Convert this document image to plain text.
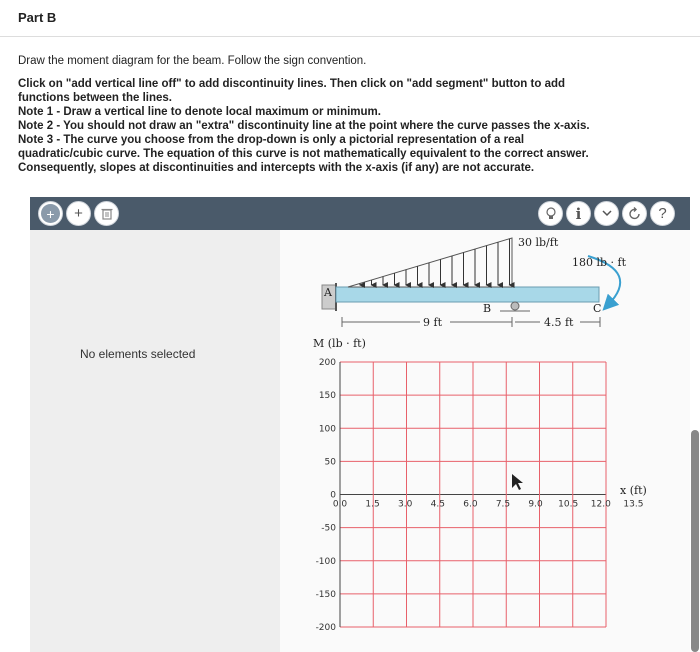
Part B
Draw the moment diagram for the beam. Follow the sign convention.
Click on "add vertical line off" to add discontinuity lines. Then click on "add segment" button to add
functions between the lines.
Note 1 - Draw a vertical line to denote local maximum or minimum.
Note 2 - You should not draw an "extra" discontinuity line at the point where the curve passes the x-axis.
Note 3 - The curve you choose from the drop-down is only a pictorial representation of a real
quadratic/cubic curve. The equation of this curve is not mathematically equivalent to the correct answer.
Consequently, slopes at discontinuities and intercepts with the x-axis (if any) are not accurate.
+	+	i	?
No elements selected
A
B	C
30 lb/ft
180 lb · ft
9 ft	4.5 ft
M (lb · ft)
x (ft)
200
150
100
50
0
-50
-100
-150
-200
0.0 1.5 3.0 4.5 6.0 7.5 9.0 10.5 12.0 13.5
